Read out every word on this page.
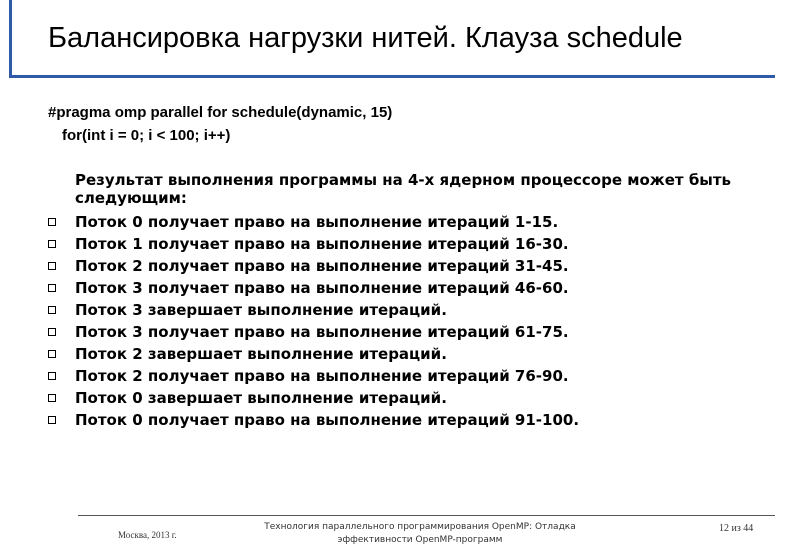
Балансировка нагрузки нитей. Клауза schedule
#pragma omp parallel for schedule(dynamic, 15)
for(int i = 0; i < 100; i++)
Результат выполнения программы на 4-х ядерном процессоре может быть следующим:
Поток 0 получает право на выполнение итераций 1-15.
Поток 1 получает право на выполнение итераций 16-30.
Поток 2 получает право на выполнение итераций 31-45.
Поток 3 получает право на выполнение итераций 46-60.
Поток 3 завершает выполнение итераций.
Поток 3 получает право на выполнение итераций 61-75.
Поток 2 завершает выполнение итераций.
Поток 2 получает право на выполнение итераций 76-90.
Поток 0 завершает выполнение итераций.
Поток 0 получает право на выполнение итераций 91-100.
Москва, 2013 г.
Технология параллельного программирования OpenMP: Отладка эффективности OpenMP-программ
12 из 44
